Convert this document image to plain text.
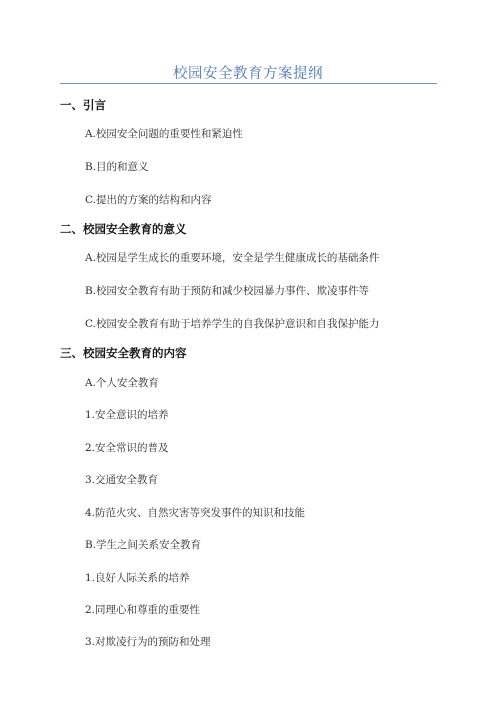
校园安全教育方案提纲
一、引言
A.校园安全问题的重要性和紧迫性
B.目的和意义
C.提出的方案的结构和内容
二、校园安全教育的意义
A.校园是学生成长的重要环境，安全是学生健康成长的基础条件
B.校园安全教育有助于预防和减少校园暴力事件、欺凌事件等
C.校园安全教育有助于培养学生的自我保护意识和自我保护能力
三、校园安全教育的内容
A.个人安全教育
1.安全意识的培养
2.安全常识的普及
3.交通安全教育
4.防范火灾、自然灾害等突发事件的知识和技能
B.学生之间关系安全教育
1.良好人际关系的培养
2.同理心和尊重的重要性
3.对欺凌行为的预防和处理
